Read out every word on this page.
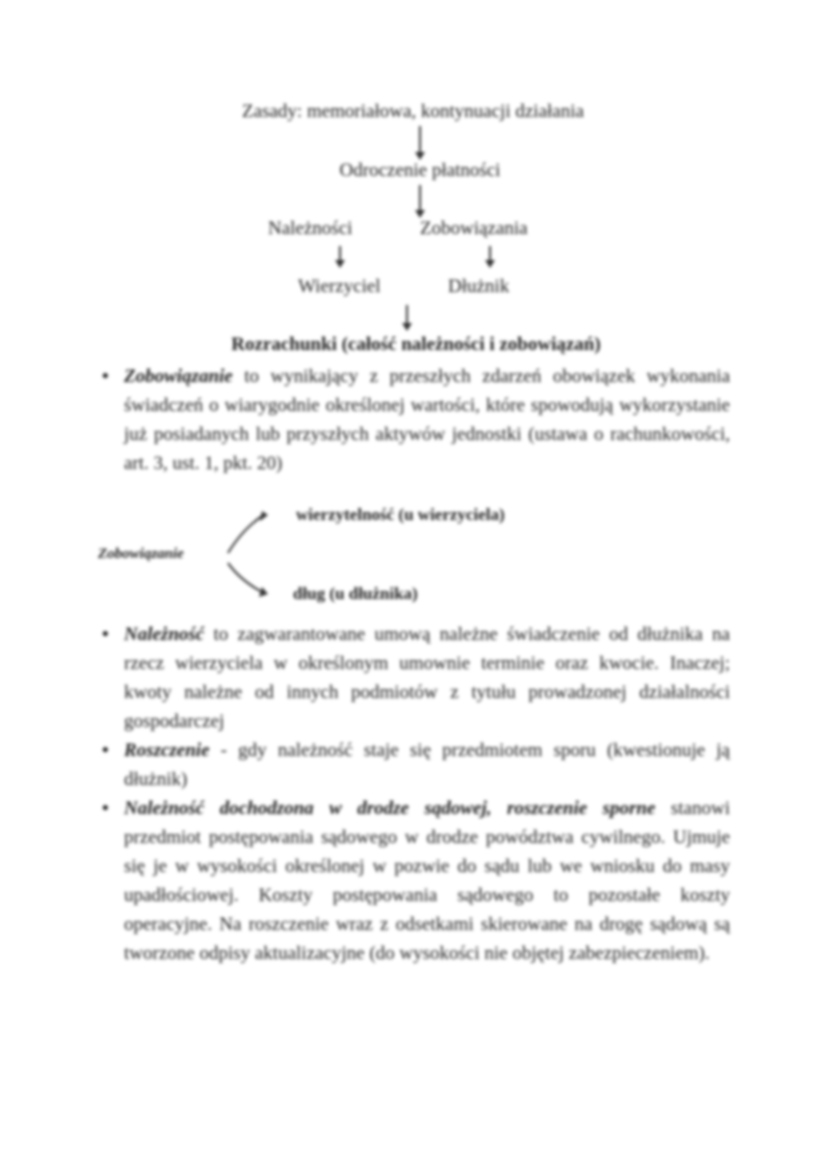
Zasady: memoriałowa, kontynuacji działania
Odroczenie płatności
Należności	Zobowiązania
Wierzyciel	Dłużnik
Rozrachunki (całość należności i zobowiązań)
• Zobowiązanie to wynikający z przeszłych zdarzeń obowiązek wykonania świadczeń o wiarygodnie określonej wartości, które spowodują wykorzystanie już posiadanych lub przyszłych aktywów jednostki (ustawa o rachunkowości, art. 3, ust. 1, pkt. 20)
wierzytelność (u wierzyciela)
Zobowiązanie
dług (u dłużnika)
• Należność to zagwarantowane umową należne świadczenie od dłużnika na rzecz wierzyciela w określonym umownie terminie oraz kwocie. Inaczej; kwoty należne od innych podmiotów z tytułu prowadzonej działalności gospodarczej
• Roszczenie - gdy należność staje się przedmiotem sporu (kwestionuje ją dłużnik)
• Należność dochodzona w drodze sądowej, roszczenie sporne stanowi przedmiot postępowania sądowego w drodze powództwa cywilnego. Ujmuje się je w wysokości określonej w pozwie do sądu lub we wniosku do masy upadłościowej. Koszty postępowania sądowego to pozostałe koszty operacyjne. Na roszczenie wraz z odsetkami skierowane na drogę sądową są tworzone odpisy aktualizacyjne (do wysokości nie objętej zabezpieczeniem).
